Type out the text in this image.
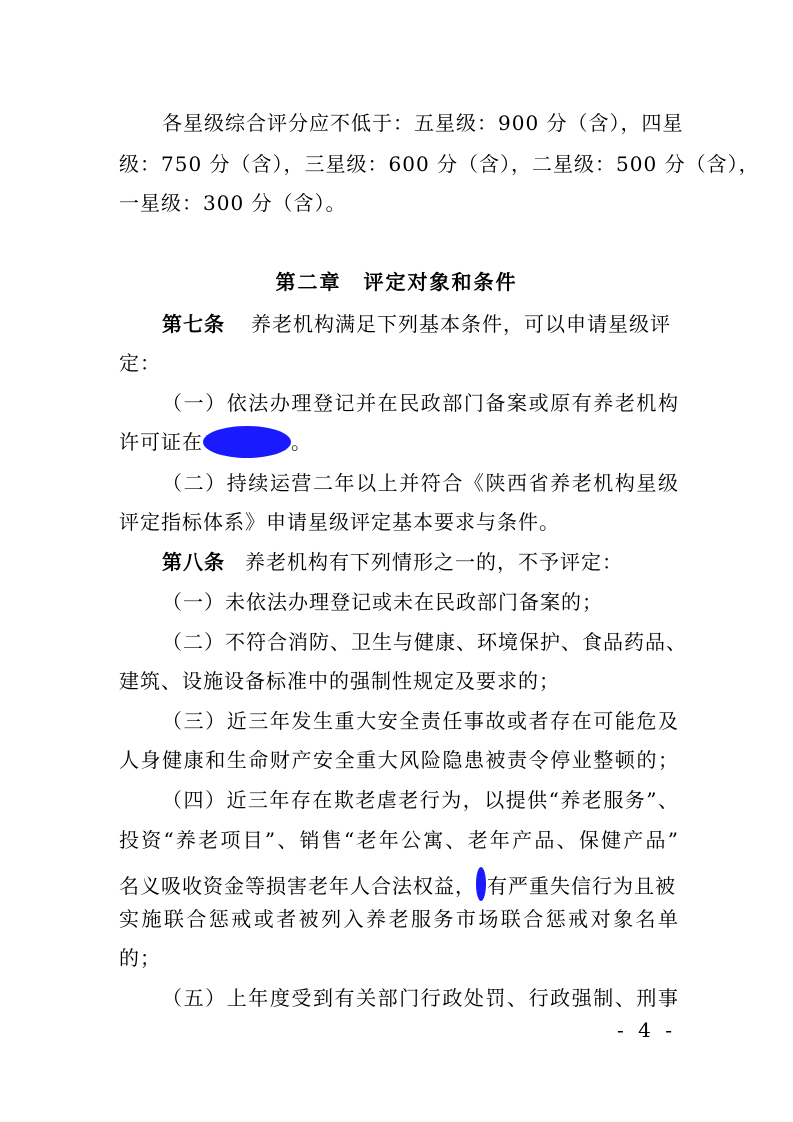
各星级综合评分应不低于：五星级：900 分（含），四星
级：750 分（含），三星级：600 分（含），二星级：500 分（含），
一星级：300 分（含）。
第二章　评定对象和条件
第七条 养老机构满足下列基本条件，可以申请星级评
定：
（一）依法办理登记并在民政部门备案或原有养老机构
许可证在 有效期内 。
（二）持续运营二年以上并符合《陕西省养老机构星级
评定指标体系》申请星级评定基本要求与条件。
第八条 养老机构有下列情形之一的，不予评定：
（一）未依法办理登记或未在民政部门备案的；
（二）不符合消防、卫生与健康、环境保护、食品药品、
建筑、设施设备标准中的强制性规定及要求的；
（三）近三年发生重大安全责任事故或者存在可能危及
人身健康和生命财产安全重大风险隐患被责令停业整顿的；
（四）近三年存在欺老虐老行为，以提供“养老服务”、
投资“养老项目”、销售“老年公寓、老年产品、保健产品”
名义吸收资金等损害老年人合法权益， 有严重失信行为且被
实施联合惩戒或者被列入养老服务市场联合惩戒对象名单
的；
（五）上年度受到有关部门行政处罚、行政强制、刑事
- 4 -
